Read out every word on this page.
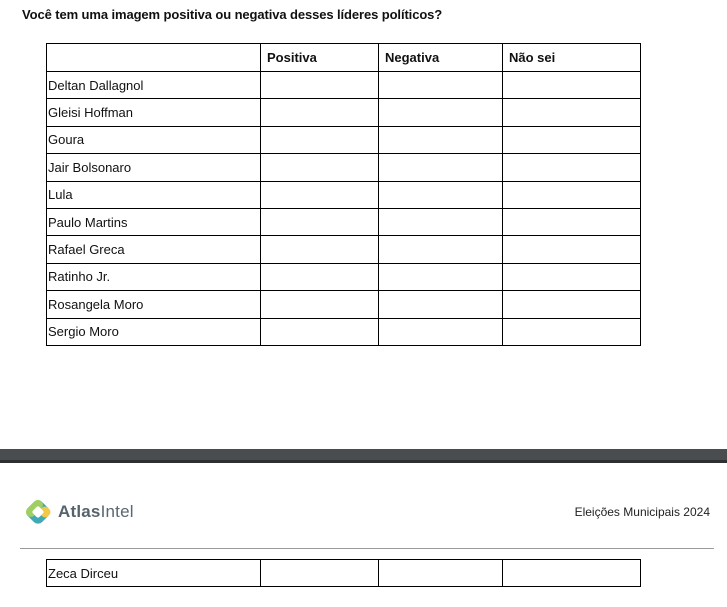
Você tem uma imagem positiva ou negativa desses líderes políticos?
	Positiva	Negativa	Não sei
Deltan Dallagnol			
Gleisi Hoffman			
Goura			
Jair Bolsonaro			
Lula			
Paulo Martins			
Rafael Greca			
Ratinho Jr.			
Rosangela Moro			
Sergio Moro			
AtlasIntel	Eleições Municipais 2024
Zeca Dirceu			
